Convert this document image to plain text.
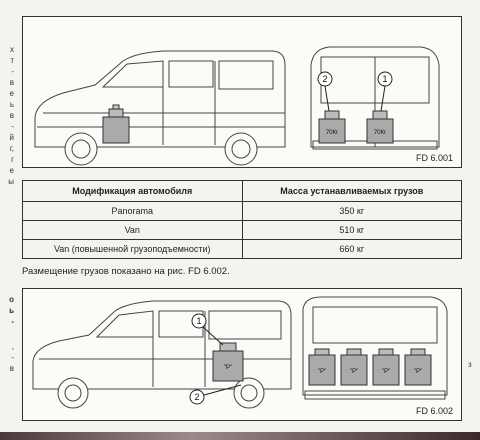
x
т
-
в
е
ь
в
-
й
г,
г
е
ы
о
ь
-
,
-
в	з
70Кг	70Кг
2	1
FD 6.001
Модификация автомобиля	Масса устанавливаемых грузов
Panorama	350 кг
Van	510 кг
Van (повышенной грузоподъемности)	660 кг
Размещение грузов показано на рис. FD 6.002.
"P"
1
2
"P"	"P"	"P"	"P"
FD 6.002
